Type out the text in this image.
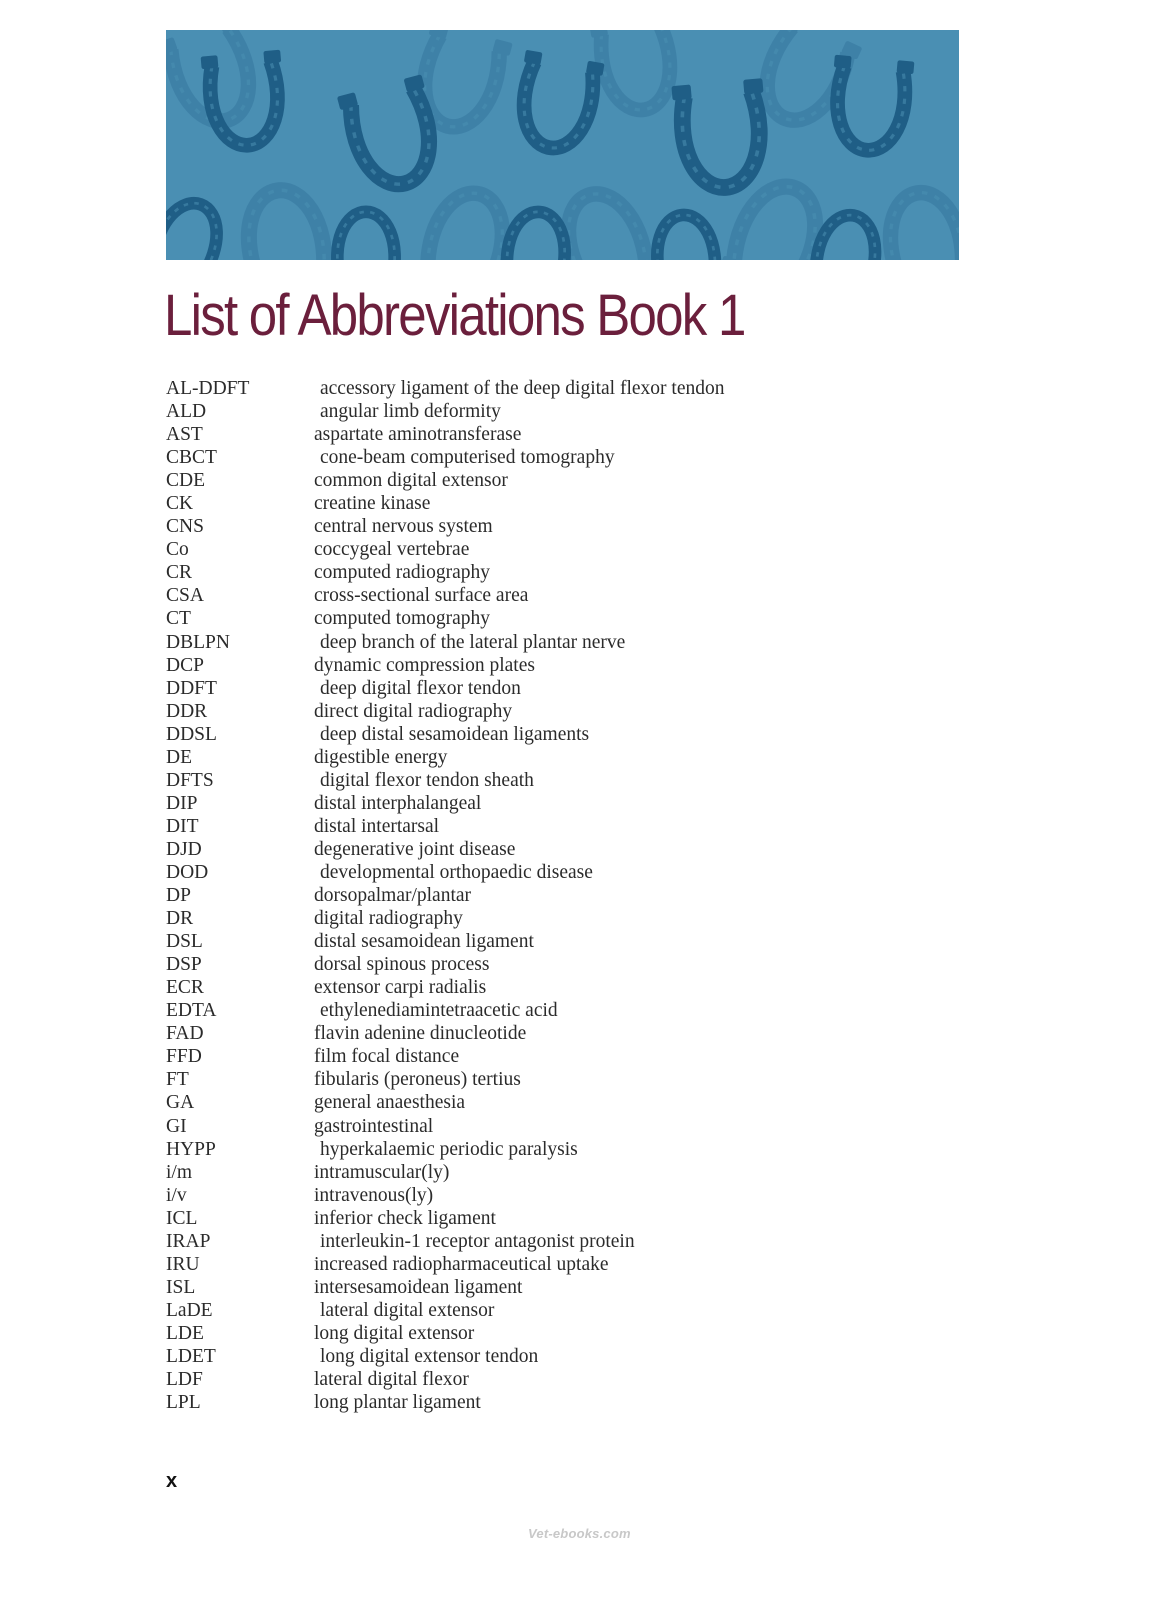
List of Abbreviations Book 1
AL-DDFT	accessory ligament of the deep digital flexor tendon
ALD	angular limb deformity
AST	aspartate aminotransferase
CBCT	cone-beam computerised tomography
CDE	common digital extensor
CK	creatine kinase
CNS	central nervous system
Co	coccygeal vertebrae
CR	computed radiography
CSA	cross-sectional surface area
CT	computed tomography
DBLPN	deep branch of the lateral plantar nerve
DCP	dynamic compression plates
DDFT	deep digital flexor tendon
DDR	direct digital radiography
DDSL	deep distal sesamoidean ligaments
DE	digestible energy
DFTS	digital flexor tendon sheath
DIP	distal interphalangeal
DIT	distal intertarsal
DJD	degenerative joint disease
DOD	developmental orthopaedic disease
DP	dorsopalmar/plantar
DR	digital radiography
DSL	distal sesamoidean ligament
DSP	dorsal spinous process
ECR	extensor carpi radialis
EDTA	ethylenediamintetraacetic acid
FAD	flavin adenine dinucleotide
FFD	film focal distance
FT	fibularis (peroneus) tertius
GA	general anaesthesia
GI	gastrointestinal
HYPP	hyperkalaemic periodic paralysis
i/m	intramuscular(ly)
i/v	intravenous(ly)
ICL	inferior check ligament
IRAP	interleukin-1 receptor antagonist protein
IRU	increased radiopharmaceutical uptake
ISL	intersesamoidean ligament
LaDE	lateral digital extensor
LDE	long digital extensor
LDET	long digital extensor tendon
LDF	lateral digital flexor
LPL	long plantar ligament
x
Vet-ebooks.com
